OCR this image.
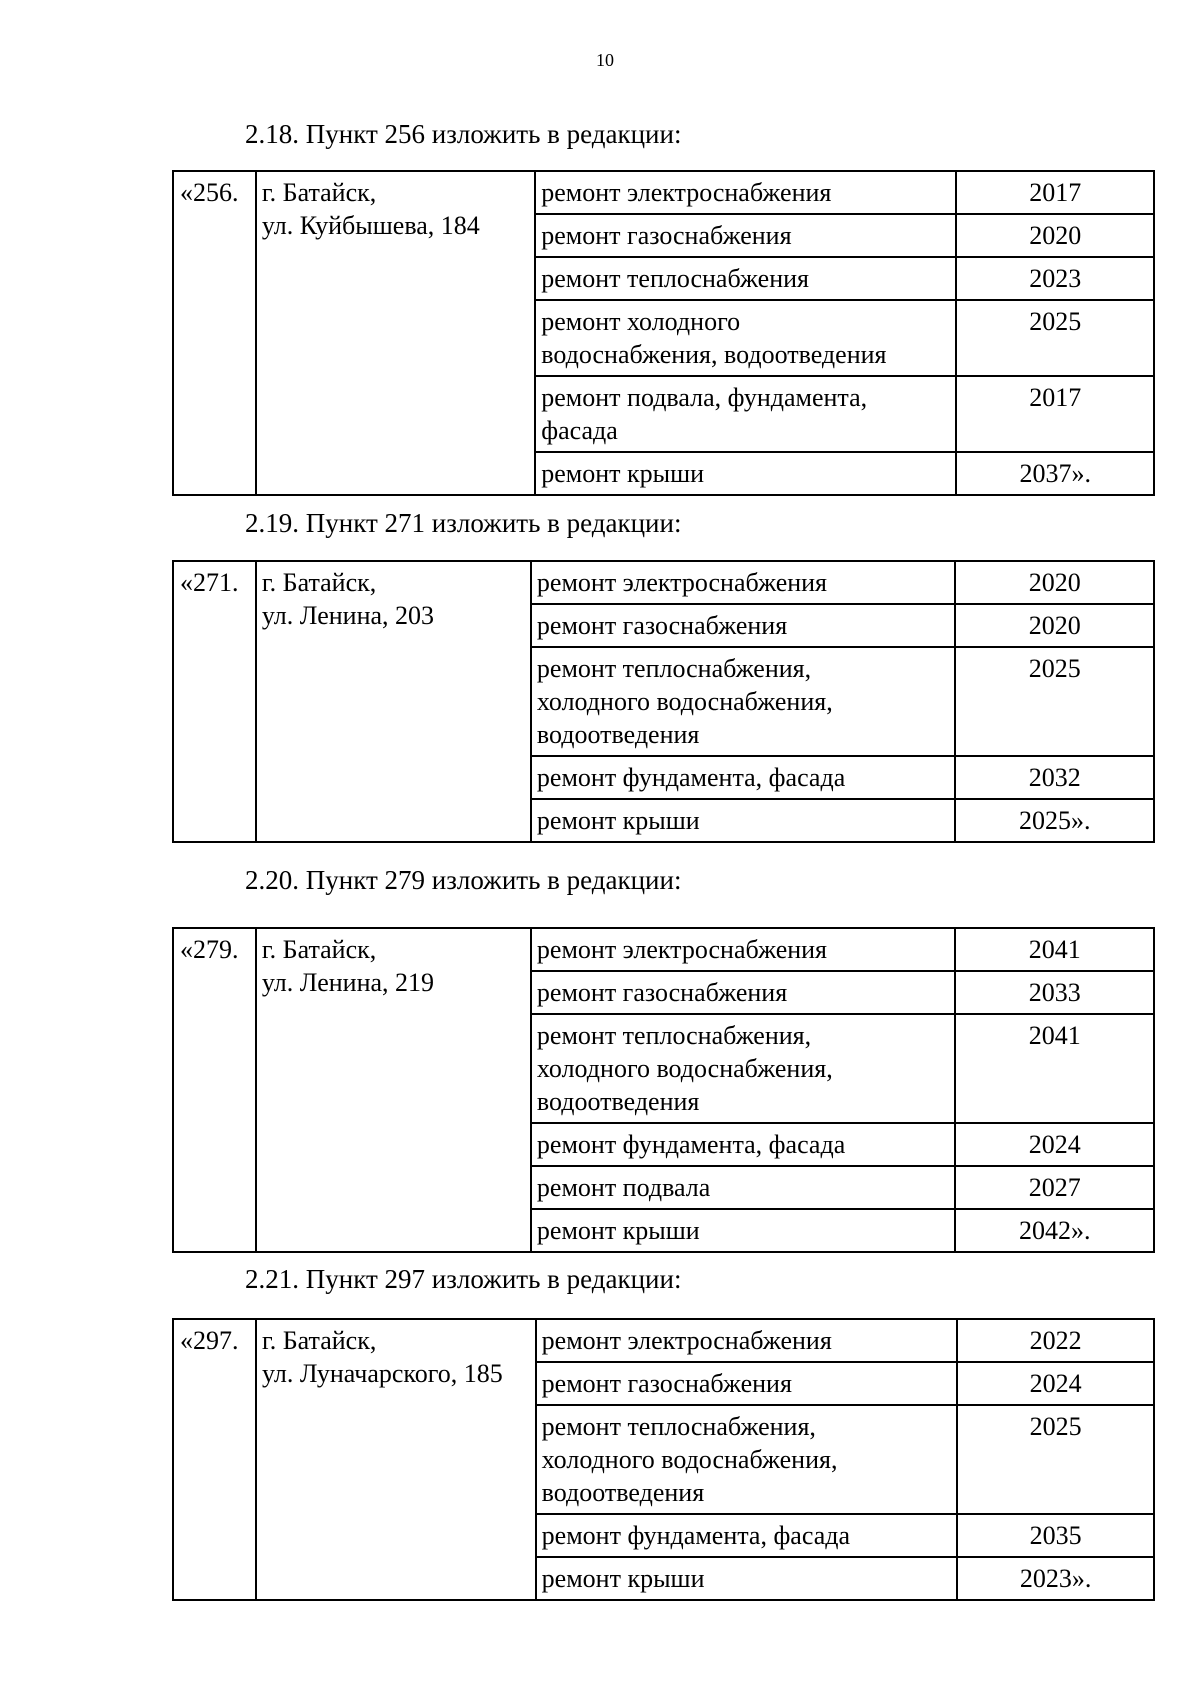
10
2.18. Пункт 256 изложить в редакции:
«256.	г. Батайск,
ул. Куйбышева, 184	ремонт электроснабжения	2017

		ремонт газоснабжения	2020

		ремонт теплоснабжения	2023

		ремонт холодного
водоснабжения, водоотведения	2025

		ремонт подвала, фундамента,
фасада	2017

		ремонт крыши	2037».
2.19. Пункт 271 изложить в редакции:
«271.	г. Батайск,
ул. Ленина, 203	ремонт электроснабжения	2020

		ремонт газоснабжения	2020

		ремонт теплоснабжения,
холодного водоснабжения,
водоотведения	2025

		ремонт фундамента, фасада	2032

		ремонт крыши	2025».
2.20. Пункт 279 изложить в редакции:
«279.	г. Батайск,
ул. Ленина, 219	ремонт электроснабжения	2041

		ремонт газоснабжения	2033

		ремонт теплоснабжения,
холодного водоснабжения,
водоотведения	2041

		ремонт фундамента, фасада	2024

		ремонт подвала	2027

		ремонт крыши	2042».
2.21. Пункт 297 изложить в редакции:
«297.	г. Батайск,
ул. Луначарского, 185	ремонт электроснабжения	2022

		ремонт газоснабжения	2024

		ремонт теплоснабжения,
холодного водоснабжения,
водоотведения	2025

		ремонт фундамента, фасада	2035

		ремонт крыши	2023».
